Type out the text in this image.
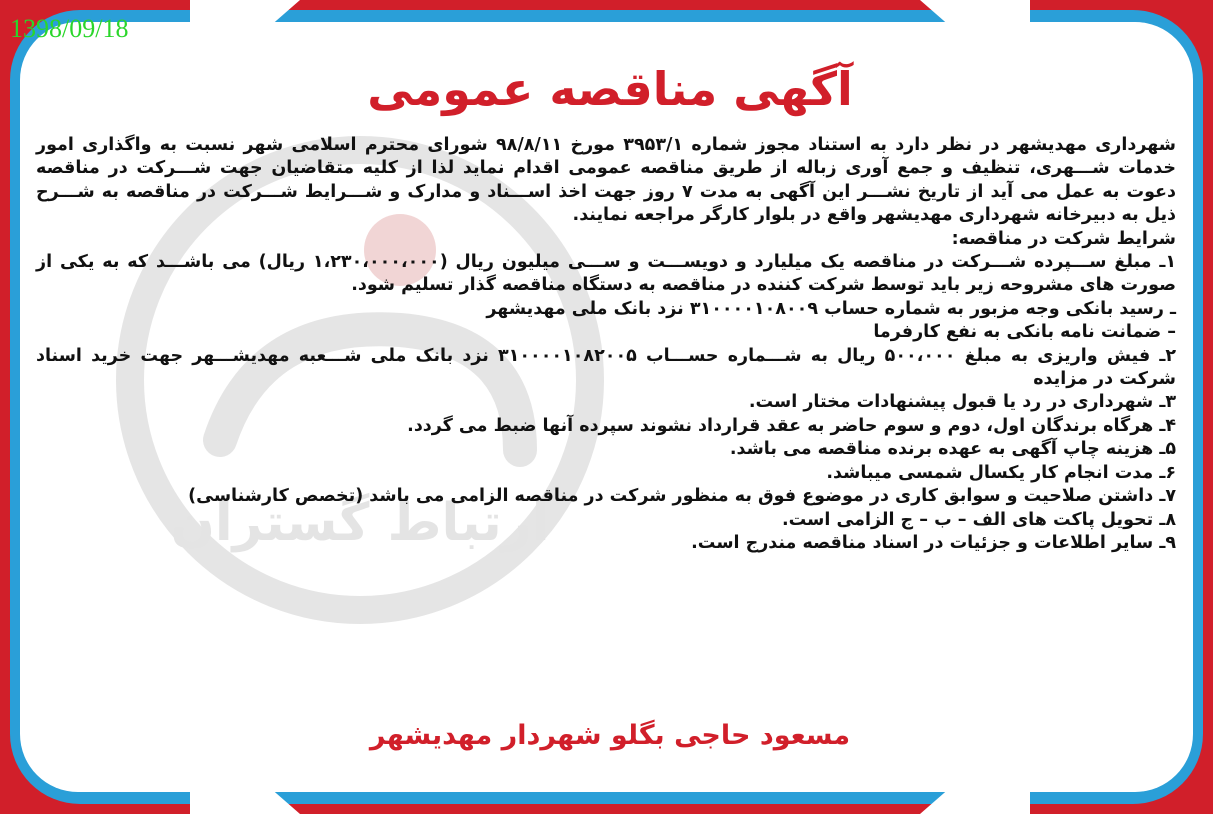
1398/09/18
ارتباط گستران
آگهی مناقصه عمومی

شهرداری مهدیشهر در نظر دارد به استناد مجوز شماره ۳۹۵۳/۱ مورخ ۹۸/۸/۱۱ شورای محترم اسلامی شهر نسبت به واگذاری امور خدمات شـــهری، تنظیف و جمع آوری زباله از طریق مناقصه عمومی اقدام نماید لذا از کلیه متقاضیان جهت شـــرکت در مناقصه دعوت به عمل می آید از تاریخ نشـــر این آگهی به مدت ۷ روز جهت اخذ اســـناد و مدارک و شـــرایط شـــرکت در مناقصه به شـــرح ذیل به دبیرخانه شهرداری مهدیشهر واقع در بلوار کارگر مراجعه نمایند.

شرایط شرکت در مناقصه:

۱ـ مبلغ ســـپرده شـــرکت در مناقصه یک میلیارد و دویســـت و ســـی میلیون ریال (۱،۲۳۰،۰۰۰،۰۰۰ ریال) می باشـــد که به یکی از صورت های مشروحه زیر باید توسط شرکت کننده در مناقصه به دستگاه مناقصه گذار تسلیم شود.

ـ رسید بانکی وجه مزبور به شماره حساب ۳۱۰۰۰۰۱۰۸۰۰۹ نزد بانک ملی مهدیشهر

– ضمانت نامه بانکی به نفع کارفرما

۲ـ فیش واریزی به مبلغ ۵۰۰،۰۰۰ ریال به شـــماره حســـاب ۳۱۰۰۰۰۱۰۸۲۰۰۵ نزد بانک ملی شـــعبه مهدیشـــهر جهت خرید اسناد شرکت در مزایده

۳ـ شهرداری در رد یا قبول پیشنهادات مختار است.

۴ـ هرگاه برندگان اول، دوم و سوم حاضر به عقد قرارداد نشوند سپرده آنها ضبط می گردد.

۵ـ هزینه چاپ آگهی به عهده برنده مناقصه می باشد.

۶ـ مدت انجام کار یکسال شمسی میباشد.

۷ـ داشتن صلاحیت و سوابق کاری در موضوع فوق به منظور شرکت در مناقصه الزامی می باشد (تخصص کارشناسی)

۸ـ تحویل پاکت های الف – ب – ج الزامی است.

۹ـ سایر اطلاعات و جزئیات در اسناد مناقصه مندرج است.

مسعود حاجی بگلو شهردار مهدیشهر
